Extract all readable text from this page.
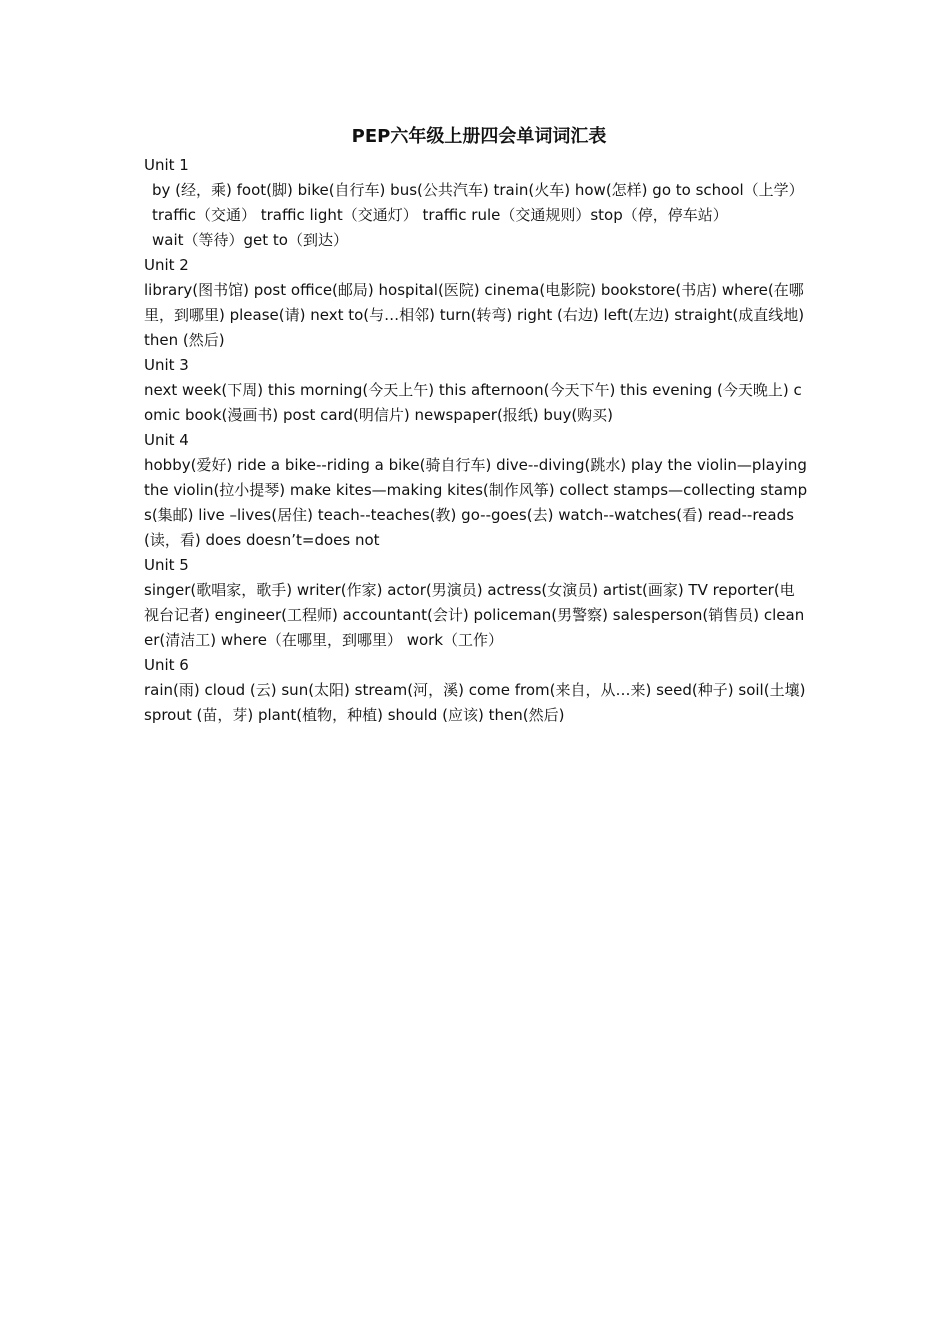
PEP六年级上册四会单词词汇表

Unit 1

by (经，乘) foot(脚) bike(自行车) bus(公共汽车) train(火车) how(怎样) go to school（上学）traffic（交通） traffic light（交通灯） traffic rule（交通规则）stop（停，停车站）

wait（等待）get to（到达）

Unit 2

library(图书馆) post office(邮局) hospital(医院) cinema(电影院) bookstore(书店) where(在哪里，到哪里) please(请) next to(与…相邻) turn(转弯) right (右边) left(左边) straight(成直线地) then (然后)

Unit 3

next week(下周) this morning(今天上午) this afternoon(今天下午) this evening (今天晚上) comic book(漫画书) post card(明信片) newspaper(报纸) buy(购买)

Unit 4

hobby(爱好) ride a bike--riding a bike(骑自行车) dive--diving(跳水) play the violin—playing the violin(拉小提琴) make kites—making kites(制作风筝) collect stamps—collecting stamps(集邮) live –lives(居住) teach--teaches(教) go--goes(去) watch--watches(看) read--reads(读，看) does doesn’t=does not

Unit 5

singer(歌唱家，歌手) writer(作家) actor(男演员) actress(女演员) artist(画家) TV reporter(电视台记者) engineer(工程师) accountant(会计) policeman(男警察) salesperson(销售员) cleaner(清洁工) where（在哪里，到哪里） work（工作）

Unit 6

rain(雨) cloud (云) sun(太阳) stream(河，溪) come from(来自，从…来) seed(种子) soil(土壤) sprout (苗，芽) plant(植物，种植) should (应该) then(然后)
